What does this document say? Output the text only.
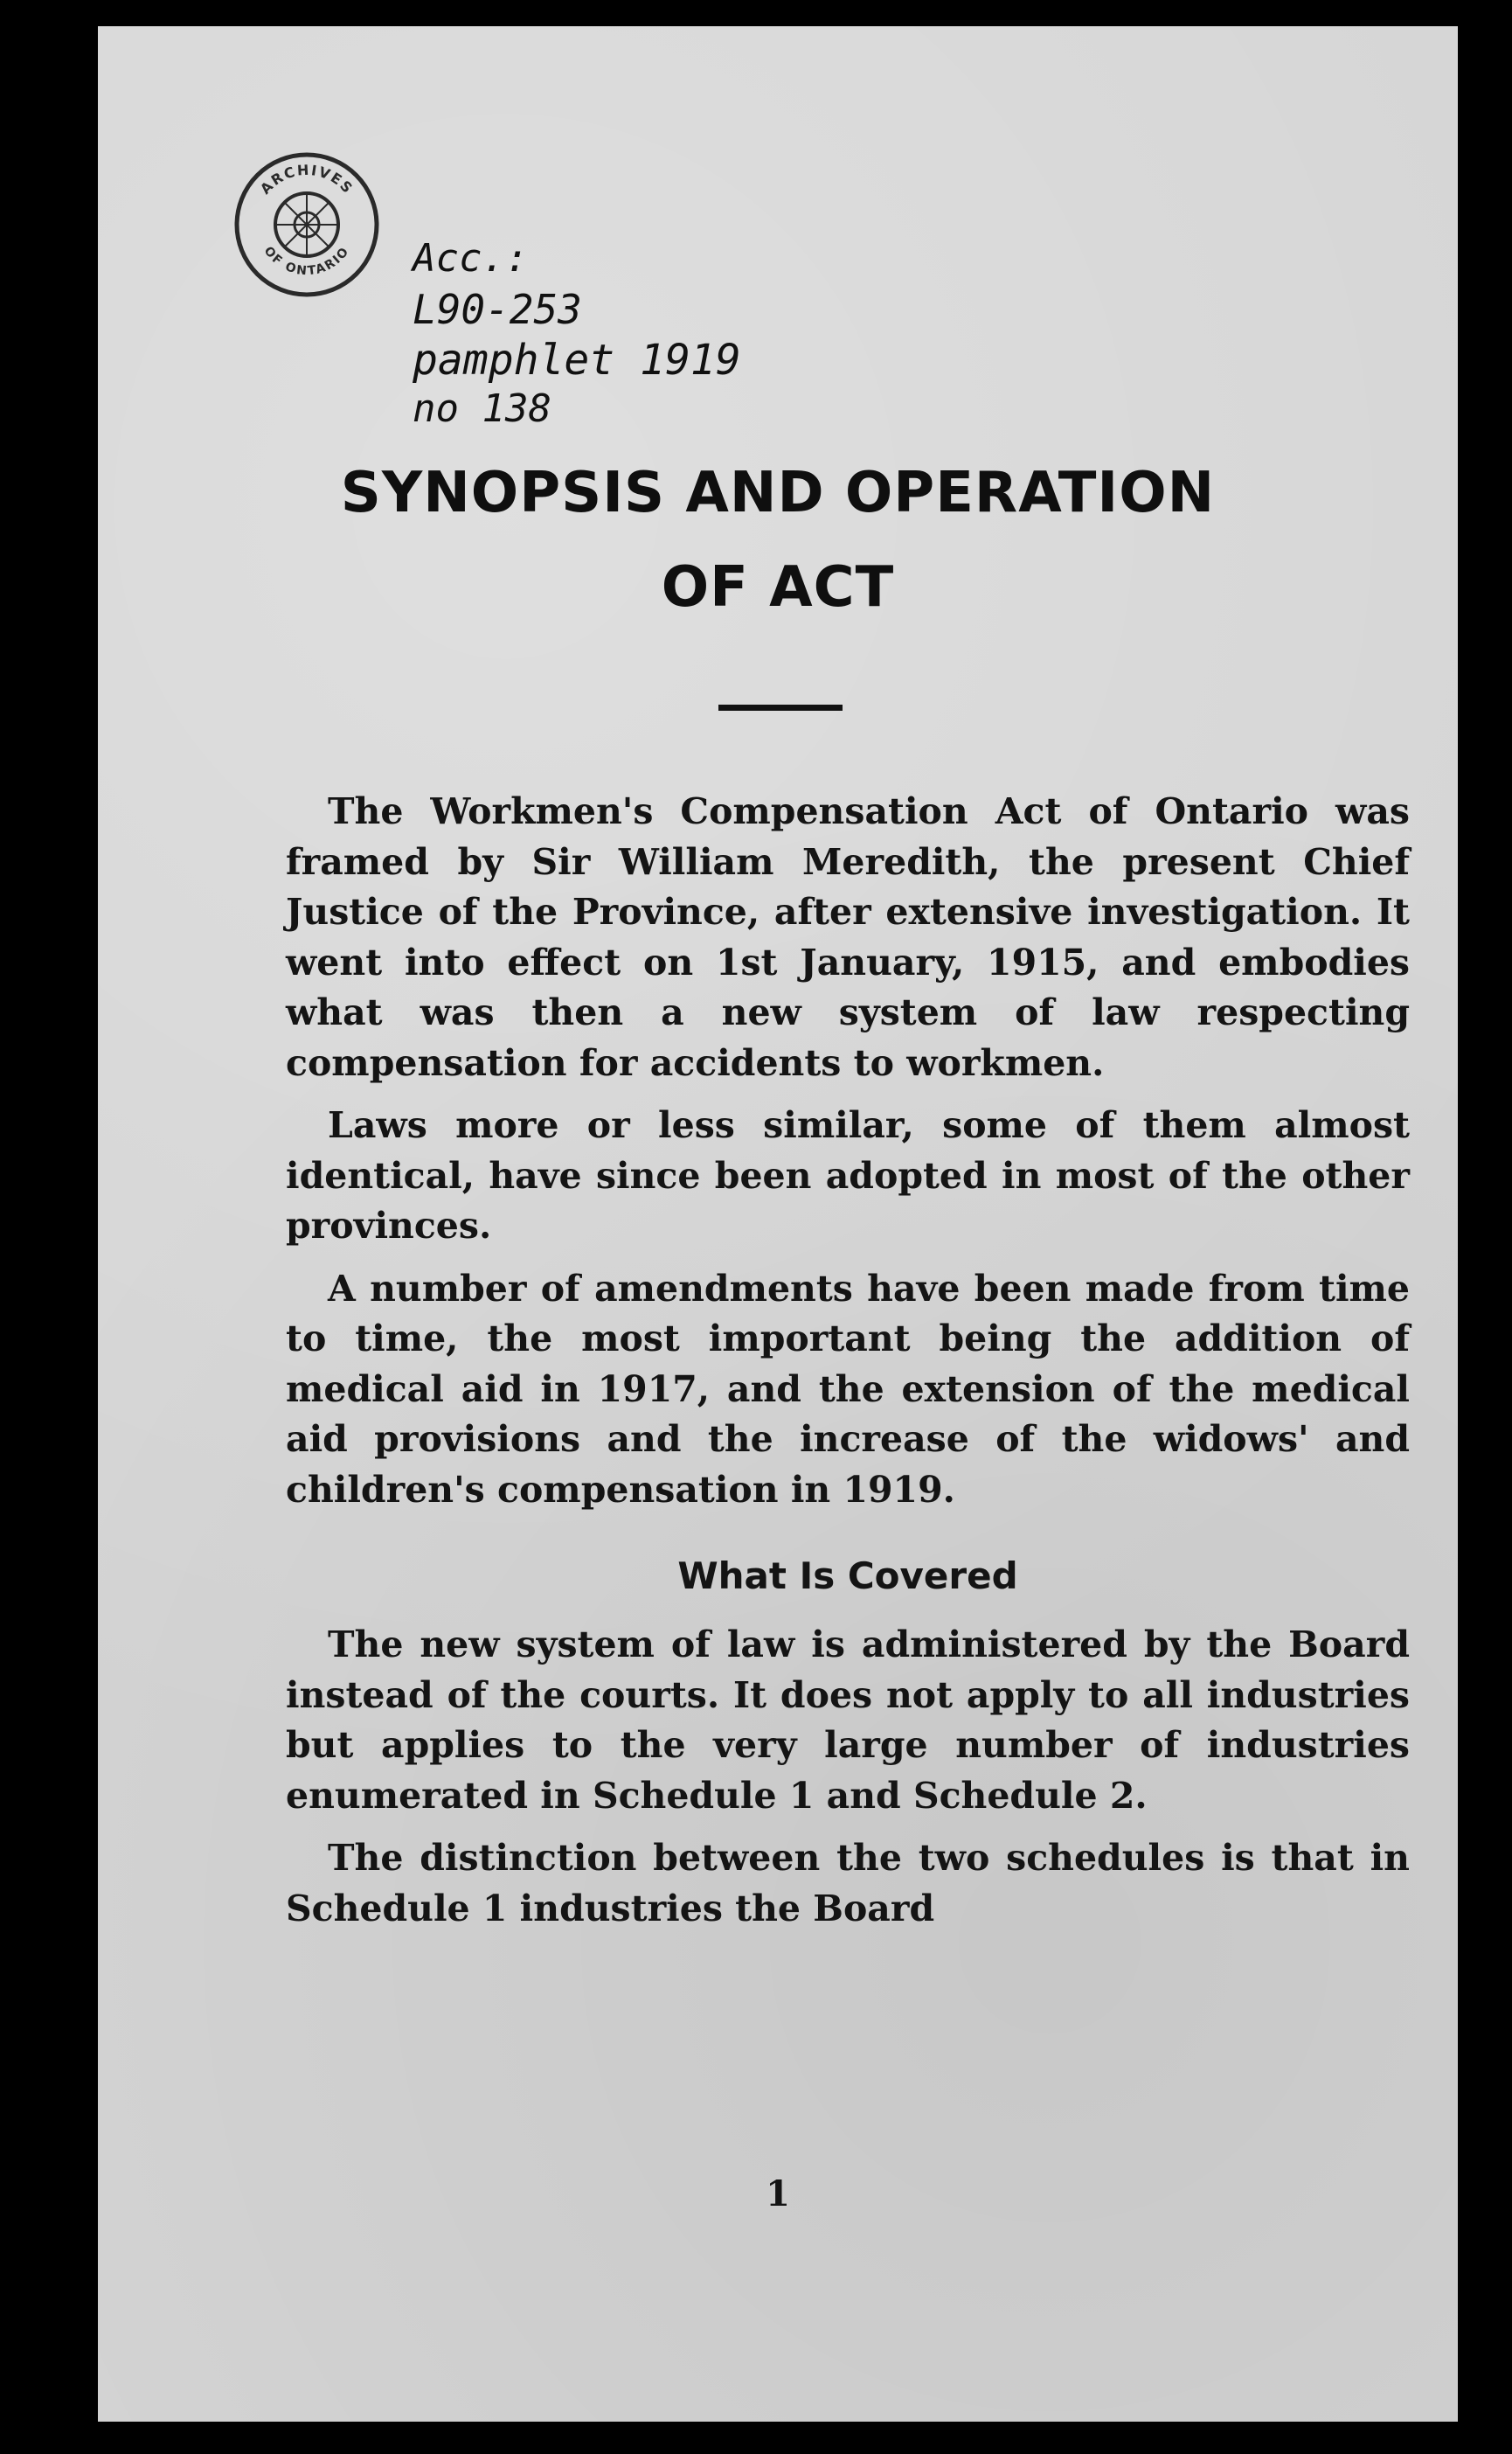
ARCHIVES
OF ONTARIO Acc.:
L90-253
pamphlet 1919
no 138
SYNOPSIS AND OPERATION
OF ACT

The Workmen's Compensation Act of Ontario was framed by Sir William Meredith, the present Chief Justice of the Province, after extensive investigation. It went into effect on 1st January, 1915, and embodies what was then a new system of law respecting compensation for accidents to workmen.

Laws more or less similar, some of them almost identical, have since been adopted in most of the other provinces.

A number of amendments have been made from time to time, the most important being the addition of medical aid in 1917, and the extension of the medical aid provisions and the increase of the widows' and children's compensation in 1919.

What Is Covered

The new system of law is administered by the Board instead of the courts. It does not apply to all industries but applies to the very large number of industries enumerated in Schedule 1 and Schedule 2.

The distinction between the two schedules is that in Schedule 1 industries the Board

1
